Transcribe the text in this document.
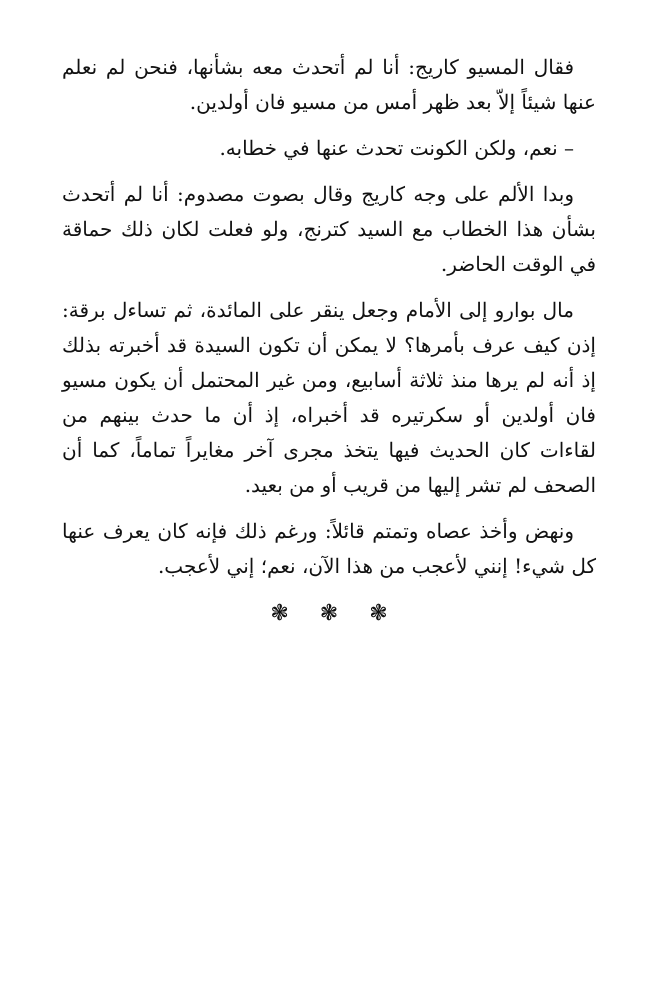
فقال المسيو كاريج: أنا لم أتحدث معه بشأنها، فنحن لم نعلم عنها شيئاً إلاّ بعد ظهر أمس من مسيو فان أولدين.

– نعم، ولكن الكونت تحدث عنها في خطابه.

وبدا الألم على وجه كاريج وقال بصوت مصدوم: أنا لم أتحدث بشأن هذا الخطاب مع السيد كترنج، ولو فعلت لكان ذلك حماقة في الوقت الحاضر.

مال بوارو إلى الأمام وجعل ينقر على المائدة، ثم تساءل برقة: إذن كيف عرف بأمرها؟ لا يمكن أن تكون السيدة قد أخبرته بذلك إذ أنه لم يرها منذ ثلاثة أسابيع، ومن غير المحتمل أن يكون مسيو فان أولدين أو سكرتيره قد أخبراه، إذ أن ما حدث بينهم من لقاءات كان الحديث فيها يتخذ مجرى آخر مغايراً تماماً، كما أن الصحف لم تشر إليها من قريب أو من بعيد.

ونهض وأخذ عصاه وتمتم قائلاً: ورغم ذلك فإنه كان يعرف عنها كل شيء! إنني لأعجب من هذا الآن، نعم؛ إني لأعجب.

❃ ❃ ❃
